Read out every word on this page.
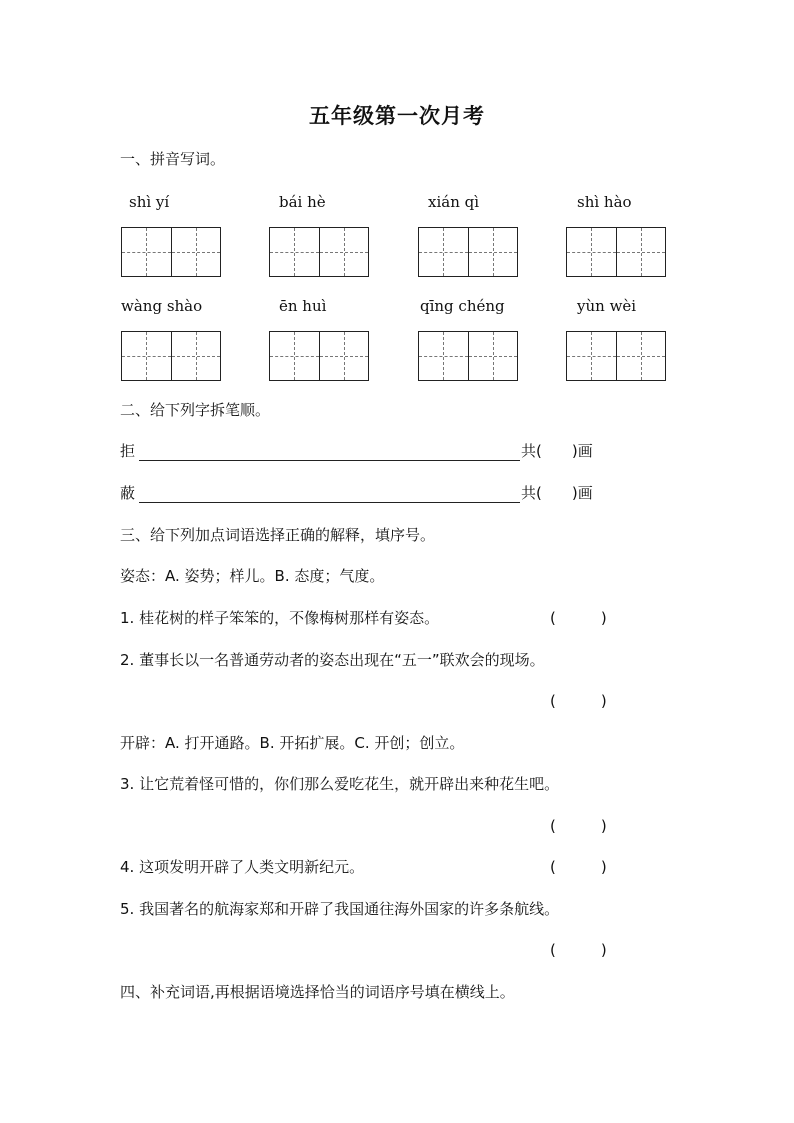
五年级第一次月考
一、拼音写词。
shì yí	bái hè	xián qì	shì hào
wàng shào	ēn huì	qīng chéng	yùn wèi
二、给下列字拆笔顺。
拒	共(　　)画
蔽	共(　　)画
三、给下列加点词语选择正确的解释，填序号。
姿态：A. 姿势；样儿。B. 态度；气度。
1. 桂花树的样子笨笨的，不像梅树那样有姿态。	(　　　)
2. 董事长以一名普通劳动者的姿态出现在“五一”联欢会的现场。
(　　　)
开辟：A. 打开通路。B. 开拓扩展。C. 开创；创立。
3. 让它荒着怪可惜的，你们那么爱吃花生，就开辟出来种花生吧。
(　　　)
4. 这项发明开辟了人类文明新纪元。	(　　　)
5. 我国著名的航海家郑和开辟了我国通往海外国家的许多条航线。
(　　　)
四、补充词语,再根据语境选择恰当的词语序号填在横线上。
